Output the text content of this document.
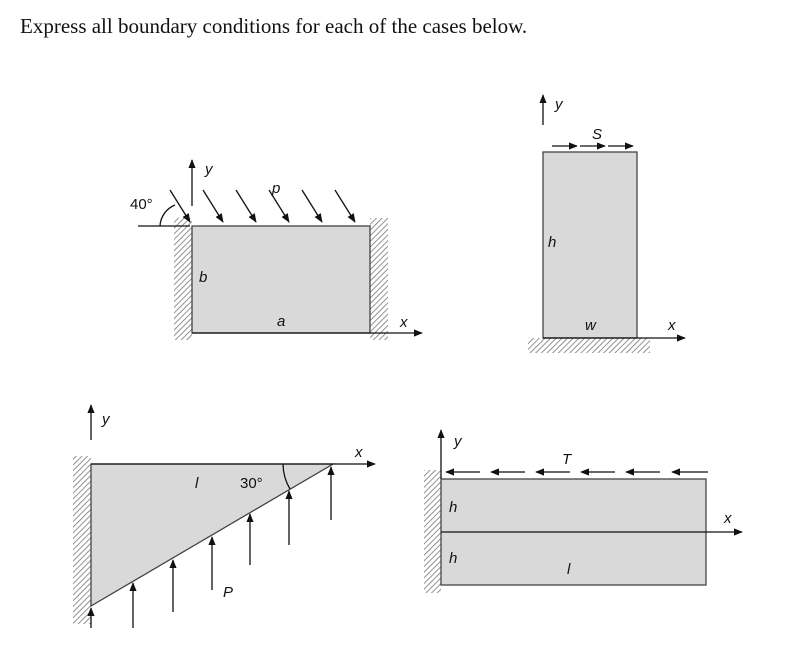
Express all boundary conditions for each of the cases below.
40°
y
x
p
b
a
y
S
h
w	x
y
x
l	30°
P
y
T
h
h
l
x
